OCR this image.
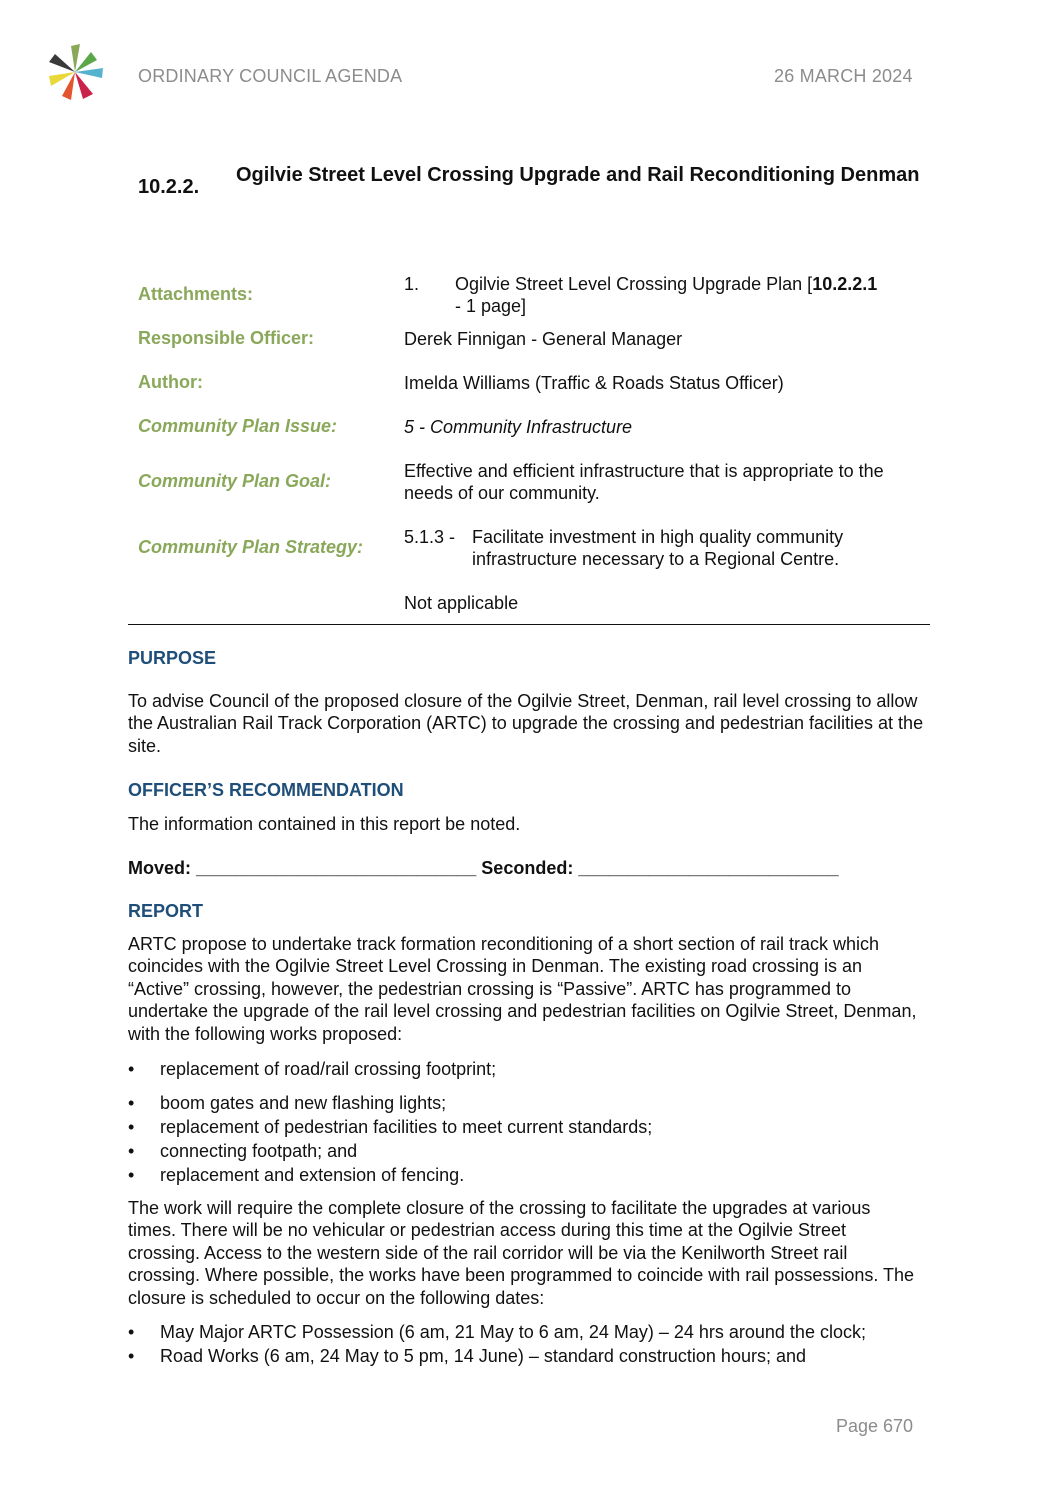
ORDINARY COUNCIL AGENDA	26 MARCH 2024
10.2.2.
Ogilvie Street Level Crossing Upgrade and Rail Reconditioning Denman
Attachments:	1. Ogilvie Street Level Crossing Upgrade Plan [10.2.2.1
- 1 page]
Responsible Officer:	Derek Finnigan - General Manager
Author:	Imelda Williams (Traffic & Roads Status Officer)
Community Plan Issue:	5 - Community Infrastructure
Community Plan Goal:	Effective and efficient infrastructure that is appropriate to the needs of our community.
Community Plan Strategy: 5.1.3 - Facilitate investment in high quality community infrastructure necessary to a Regional Centre.
Not applicable
PURPOSE
To advise Council of the proposed closure of the Ogilvie Street, Denman, rail level crossing to allow the Australian Rail Track Corporation (ARTC) to upgrade the crossing and pedestrian facilities at the site.
OFFICER’S RECOMMENDATION
The information contained in this report be noted.
Moved: ____________________________ Seconded: __________________________
REPORT
ARTC propose to undertake track formation reconditioning of a short section of rail track which coincides with the Ogilvie Street Level Crossing in Denman. The existing road crossing is an “Active” crossing, however, the pedestrian crossing is “Passive”. ARTC has programmed to undertake the upgrade of the rail level crossing and pedestrian facilities on Ogilvie Street, Denman, with the following works proposed:
• replacement of road/rail crossing footprint;
• boom gates and new flashing lights;
• replacement of pedestrian facilities to meet current standards;
• connecting footpath; and
• replacement and extension of fencing.
The work will require the complete closure of the crossing to facilitate the upgrades at various times. There will be no vehicular or pedestrian access during this time at the Ogilvie Street crossing. Access to the western side of the rail corridor will be via the Kenilworth Street rail crossing. Where possible, the works have been programmed to coincide with rail possessions. The closure is scheduled to occur on the following dates:
• May Major ARTC Possession (6 am, 21 May to 6 am, 24 May) – 24 hrs around the clock;
• Road Works (6 am, 24 May to 5 pm, 14 June) – standard construction hours; and
Page 670
